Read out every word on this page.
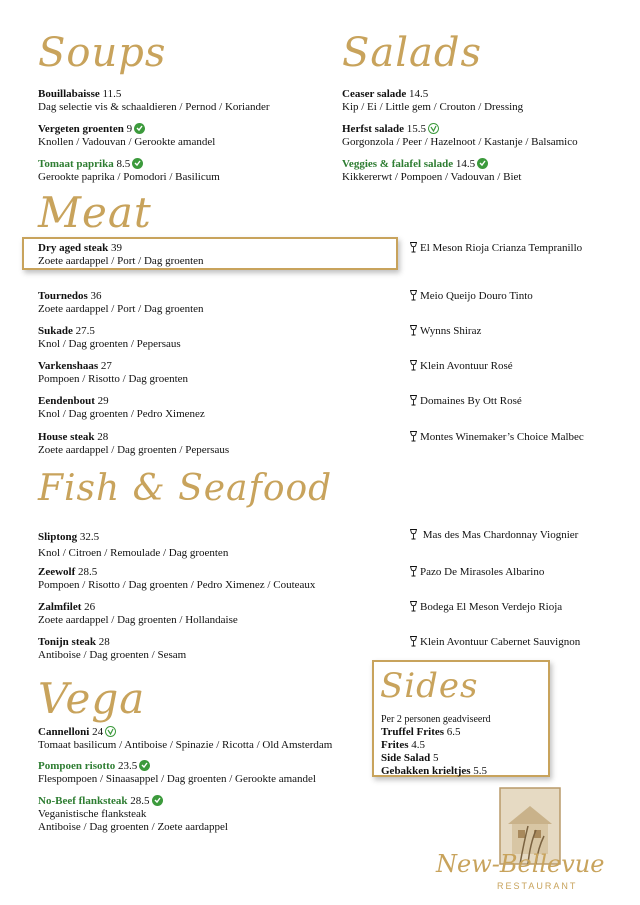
Soups	Salads
Meat
Fish & Seafood
Vega
Bouillabaisse 11.5
Dag selectie vis & schaaldieren / Pernod / Koriander
Vergeten groenten 9

Knollen / Vadouvan / Gerookte amandel
Tomaat paprika 8.5

Gerookte paprika / Pomodori / Basilicum
Ceaser salade 14.5
Kip / Ei / Little gem / Crouton / Dressing
Herfst salade 15.5

Gorgonzola / Peer / Hazelnoot / Kastanje / Balsamico
Veggies & falafel salade 14.5

Kikkererwt / Pompoen / Vadouvan / Biet
Dry aged steak 39
Zoete aardappel / Port / Dag groenten
El Meson Rioja Crianza Tempranillo
Tournedos 36
Zoete aardappel / Port / Dag groenten
Meio Queijo Douro Tinto
Sukade 27.5
Knol / Dag groenten / Pepersaus
Wynns Shiraz
Varkenshaas 27
Pompoen / Risotto / Dag groenten
Klein Avontuur Rosé
Eendenbout 29
Knol / Dag groenten / Pedro Ximenez
Domaines By Ott Rosé
House steak 28
Zoete aardappel / Dag groenten / Pepersaus
Montes Winemaker’s Choice Malbec
Sliptong 32.5
Knol / Citroen / Remoulade / Dag groenten
Mas des Mas Chardonnay Viognier
Zeewolf 28.5
Pompoen / Risotto / Dag groenten / Pedro Ximenez / Couteaux
Pazo De Mirasoles Albarino
Zalmfilet 26
Zoete aardappel / Dag groenten / Hollandaise
Bodega El Meson Verdejo Rioja
Tonijn steak 28
Antiboise / Dag groenten / Sesam
Klein Avontuur Cabernet Sauvignon
Cannelloni 24

Tomaat basilicum / Antiboise / Spinazie / Ricotta / Old Amsterdam
Pompoen risotto 23.5

Flespompoen / Sinaasappel / Dag groenten / Gerookte amandel
No-Beef flanksteak 28.5

Veganistische flanksteak
Antiboise / Dag groenten / Zoete aardappel
Sides
Per 2 personen geadviseerd
Truffel Frites 6.5
Frites 4.5
Side Salad 5
Gebakken krieltjes 5.5
New-Bellevue
RESTAURANT
